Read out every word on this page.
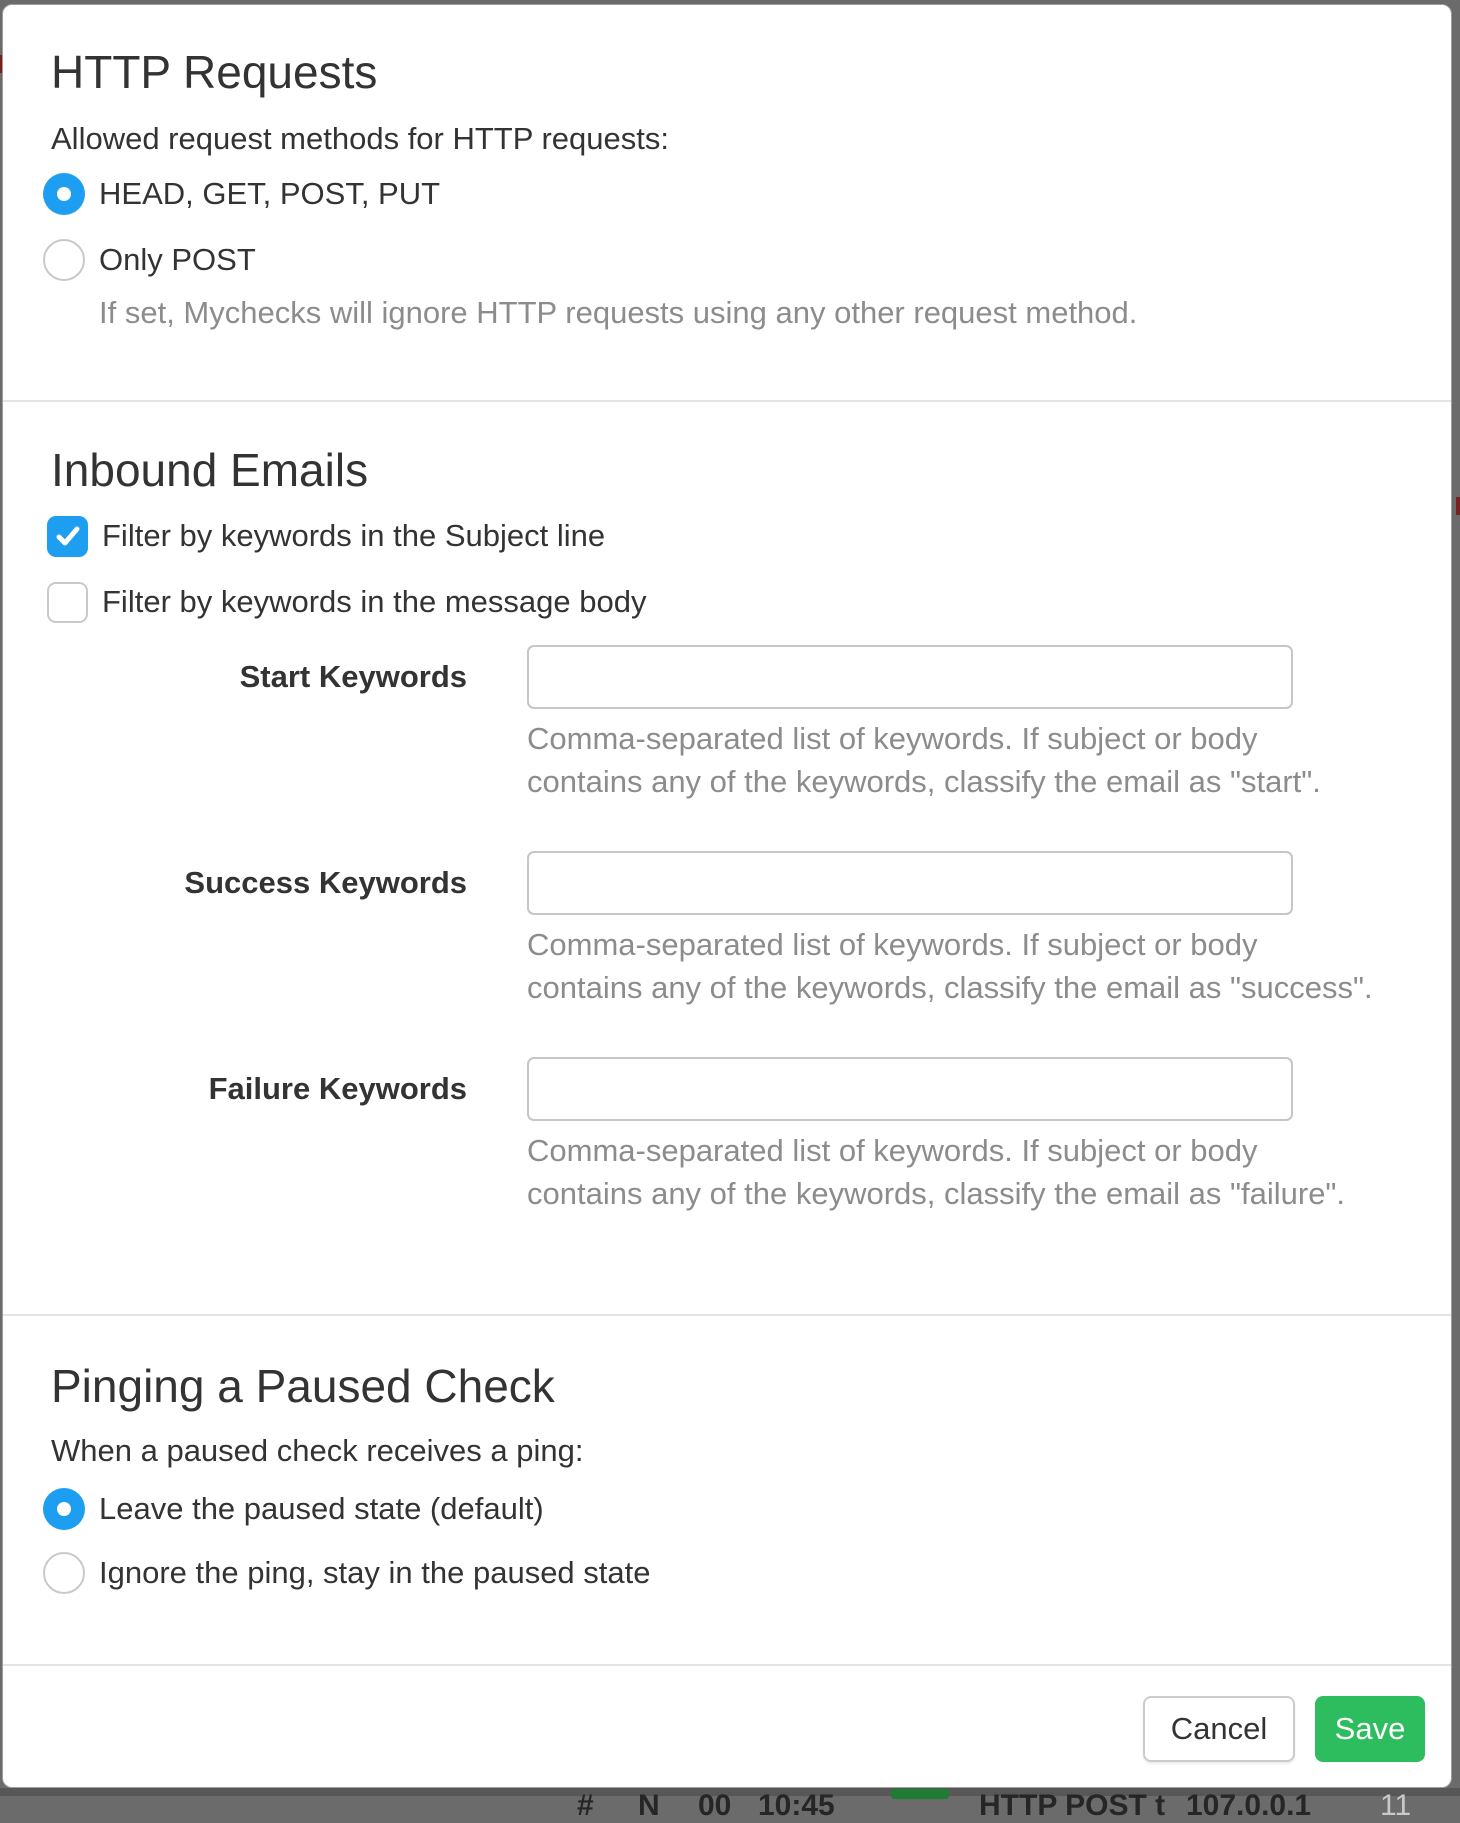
# N 00 10:45	HTTP POST t 107.0.0.1 11
HTTP Requests
Allowed request methods for HTTP requests:
HEAD, GET, POST, PUT
Only POST
If set, Mychecks will ignore HTTP requests using any other request method.
Inbound Emails
Filter by keywords in the Subject line
Filter by keywords in the message body
Start Keywords
Comma-separated list of keywords. If subject or body
contains any of the keywords, classify the email as "start".
Success Keywords
Comma-separated list of keywords. If subject or body
contains any of the keywords, classify the email as "success".
Failure Keywords
Comma-separated list of keywords. If subject or body
contains any of the keywords, classify the email as "failure".
Pinging a Paused Check
When a paused check receives a ping:
Leave the paused state (default)
Ignore the ping, stay in the paused state
Cancel	Save
